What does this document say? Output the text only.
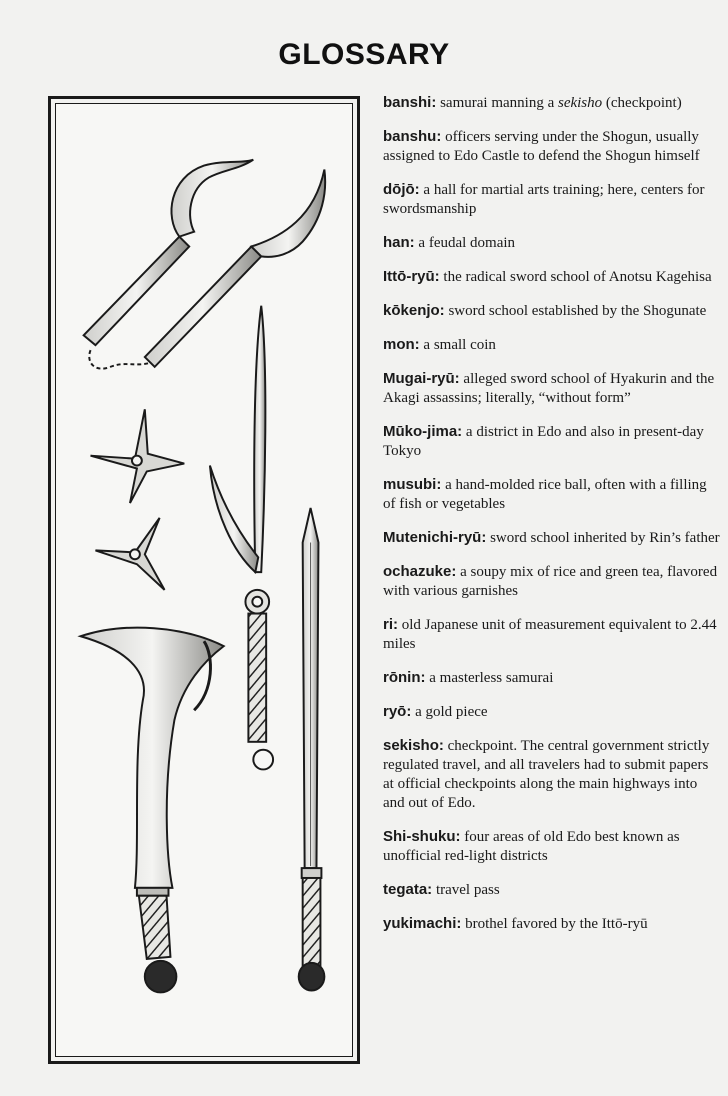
GLOSSARY
banshi: samurai manning a sekisho (checkpoint)
banshu: officers serving under the Shogun, usually assigned to Edo Castle to defend the Shogun himself
dōjō: a hall for martial arts training; here, centers for swordsmanship
han: a feudal domain
Ittō-ryū: the radical sword school of Anotsu Kagehisa
kōkenjo: sword school established by the Shogunate
mon: a small coin
Mugai-ryū: alleged sword school of Hyakurin and the Akagi assassins; literally, “without form”
Mūko-jima: a district in Edo and also in present-day Tokyo
musubi: a hand-molded rice ball, often with a filling of fish or vegetables
Mutenichi-ryū: sword school inherited by Rin’s father
ochazuke: a soupy mix of rice and green tea, flavored with various garnishes
ri: old Japanese unit of measurement equivalent to 2.44 miles
rōnin: a masterless samurai
ryō: a gold piece
sekisho: checkpoint. The central government strictly regulated travel, and all travelers had to submit papers at official checkpoints along the main highways into and out of Edo.
Shi-shuku: four areas of old Edo best known as unofficial red-light districts
tegata: travel pass
yukimachi: brothel favored by the Ittō-ryū
